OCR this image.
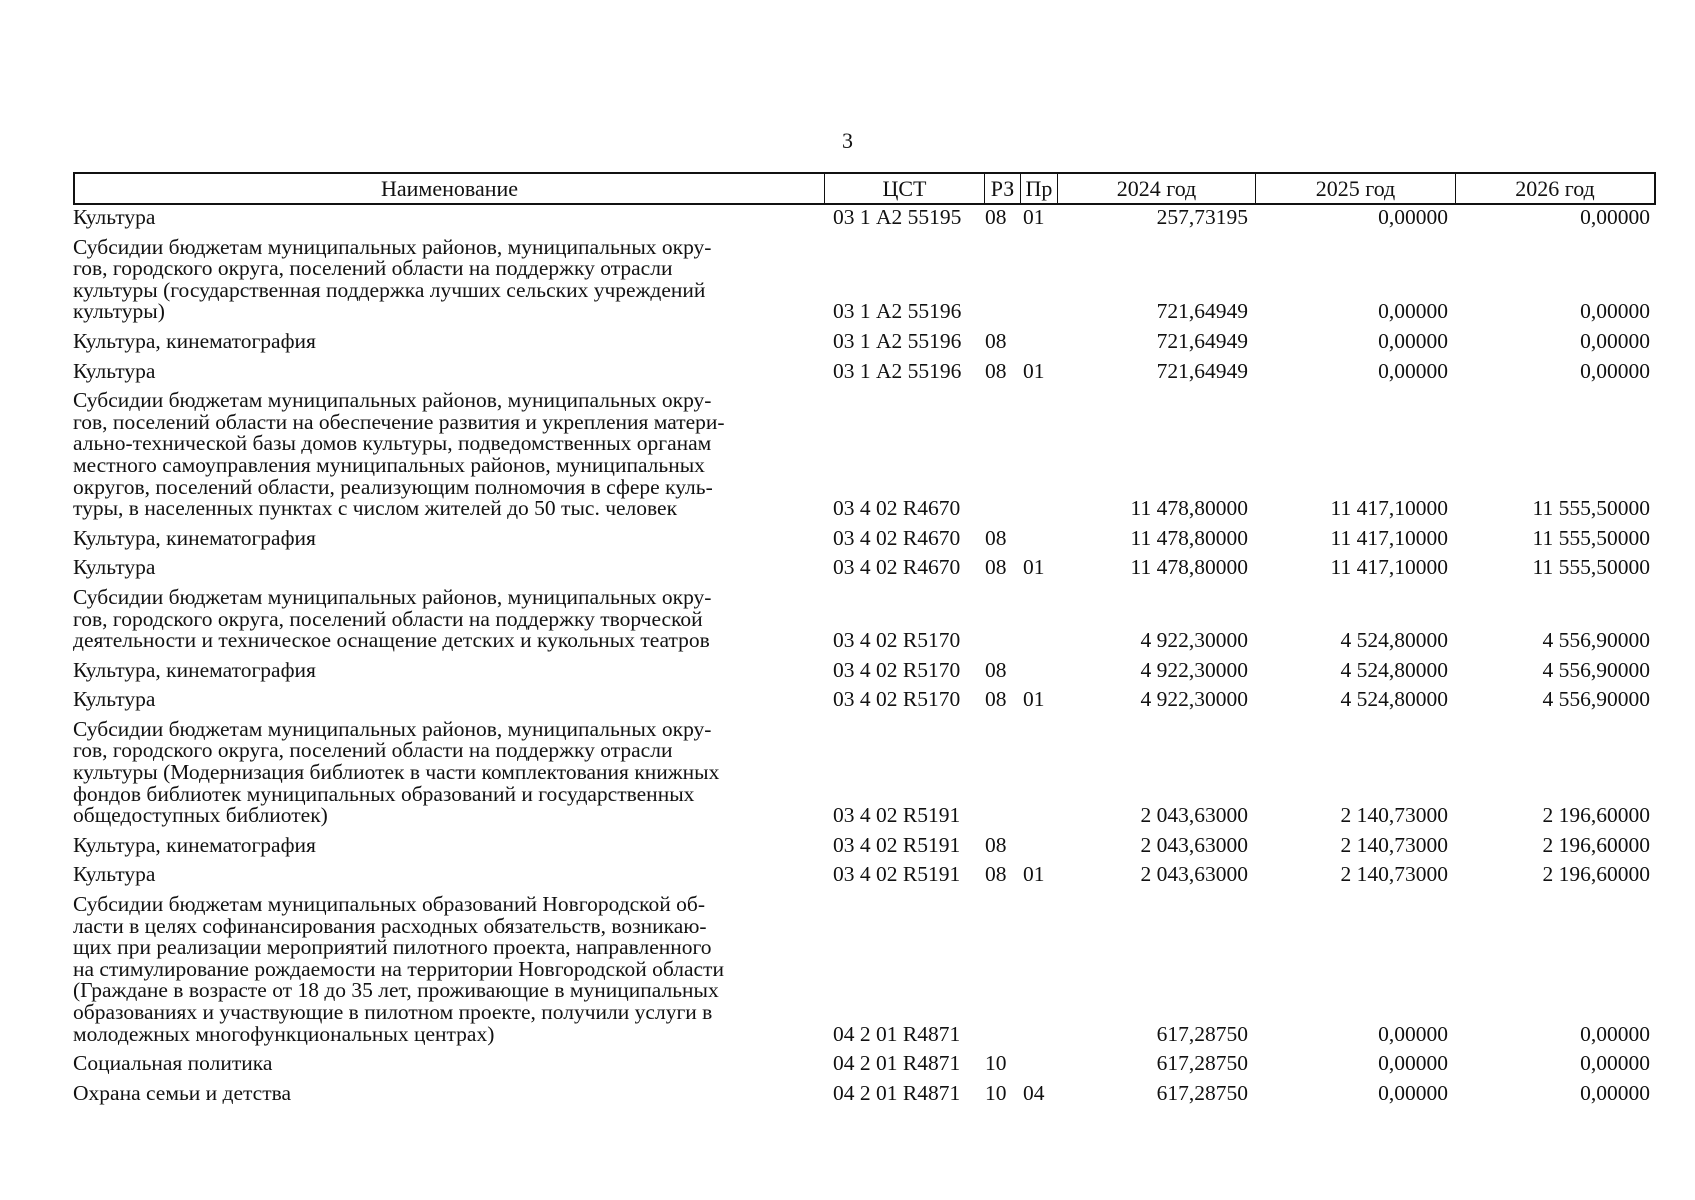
3
Наименование	ЦСТ	РЗ Пр	2024 год	2025 год	2026 год
Культура	03 1 А2 55195	08 01	257,73195	0,00000	0,00000
Субсидии бюджетам муниципальных районов, муниципальных окру-
гов, городского округа, поселений области на поддержку отрасли
культуры (государственная поддержка лучших сельских учреждений
культуры)	03 1 А2 55196	721,64949	0,00000	0,00000
Культура, кинематография	03 1 А2 55196	08	721,64949	0,00000	0,00000
Культура	03 1 А2 55196	08 01	721,64949	0,00000	0,00000
Субсидии бюджетам муниципальных районов, муниципальных окру-
гов, поселений области на обеспечение развития и укрепления матери-
ально-технической базы домов культуры, подведомственных органам
местного самоуправления муниципальных районов, муниципальных
округов, поселений области, реализующим полномочия в сфере куль-
туры, в населенных пунктах с числом жителей до 50 тыс. человек	03 4 02 R4670	11 478,80000	11 417,10000	11 555,50000
Культура, кинематография	03 4 02 R4670	08	11 478,80000	11 417,10000	11 555,50000
Культура	03 4 02 R4670	08 01	11 478,80000	11 417,10000	11 555,50000
Субсидии бюджетам муниципальных районов, муниципальных окру-
гов, городского округа, поселений области на поддержку творческой
деятельности и техническое оснащение детских и кукольных театров	03 4 02 R5170	4 922,30000	4 524,80000	4 556,90000
Культура, кинематография	03 4 02 R5170	08	4 922,30000	4 524,80000	4 556,90000
Культура	03 4 02 R5170	08 01	4 922,30000	4 524,80000	4 556,90000
Субсидии бюджетам муниципальных районов, муниципальных окру-
гов, городского округа, поселений области на поддержку отрасли
культуры (Модернизация библиотек в части комплектования книжных
фондов библиотек муниципальных образований и государственных
общедоступных библиотек)	03 4 02 R5191	2 043,63000	2 140,73000	2 196,60000
Культура, кинематография	03 4 02 R5191	08	2 043,63000	2 140,73000	2 196,60000
Культура	03 4 02 R5191	08 01	2 043,63000	2 140,73000	2 196,60000
Субсидии бюджетам муниципальных образований Новгородской об-
ласти в целях софинансирования расходных обязательств, возникаю-
щих при реализации мероприятий пилотного проекта, направленного
на стимулирование рождаемости на территории Новгородской области
(Граждане в возрасте от 18 до 35 лет, проживающие в муниципальных
образованиях и участвующие в пилотном проекте, получили услуги в
молодежных многофункциональных центрах)	04 2 01 R4871	617,28750	0,00000	0,00000
Социальная политика	04 2 01 R4871	10	617,28750	0,00000	0,00000
Охрана семьи и детства	04 2 01 R4871	10 04	617,28750	0,00000	0,00000
